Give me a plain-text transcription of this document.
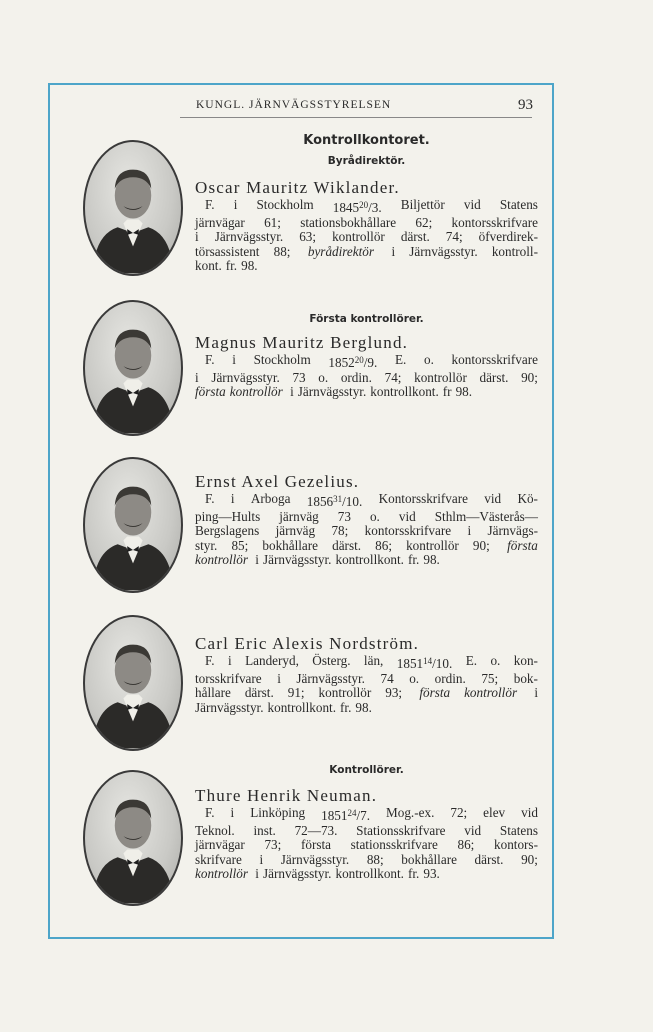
KUNGL. JÄRNVÄGSSTYRELSEN	93
Kontrollkontoret.
Byrådirektör.
Oscar Mauritz Wiklander.
F. i Stockholm 1845$^{20}$/3. Biljettör vid Statens
järnvägar 61; stationsbokhållare 62; kontorsskrifvare
i Järnvägsstyr. 63; kontrollör därst. 74; öfverdirek-
törsassistent 88; byrådirektör i Järnvägsstyr. kontroll-
kont. fr. 98.
Första kontrollörer.
Magnus Mauritz Berglund.
F. i Stockholm 1852$^{20}$/9. E. o. kontorsskrifvare
i Järnvägsstyr. 73 o. ordin. 74; kontrollör därst. 90;
första kontrollör i Järnvägsstyr. kontrollkont. fr 98.
Ernst Axel Gezelius.
F. i Arboga 1856$^{31}$/10. Kontorsskrifvare vid Kö-
ping—Hults järnväg 73 o. vid Sthlm—Västerås—
Bergslagens järnväg 78; kontorsskrifvare i Järnvägs-
styr. 85; bokhållare därst. 86; kontrollör 90; första
kontrollör i Järnvägsstyr. kontrollkont. fr. 98.
Carl Eric Alexis Nordström.
F. i Landeryd, Österg. län, 1851$^{14}$/10. E. o. kon-
torsskrifvare i Järnvägsstyr. 74 o. ordin. 75; bok-
hållare därst. 91; kontrollör 93; första kontrollör i
Järnvägsstyr. kontrollkont. fr. 98.
Kontrollörer.
Thure Henrik Neuman.
F. i Linköping 1851$^{24}$/7. Mog.-ex. 72; elev vid
Teknol. inst. 72—73. Stationsskrifvare vid Statens
järnvägar 73; första stationsskrifvare 86; kontors-
skrifvare i Järnvägsstyr. 88; bokhållare därst. 90;
kontrollör i Järnvägsstyr. kontrollkont. fr. 93.
